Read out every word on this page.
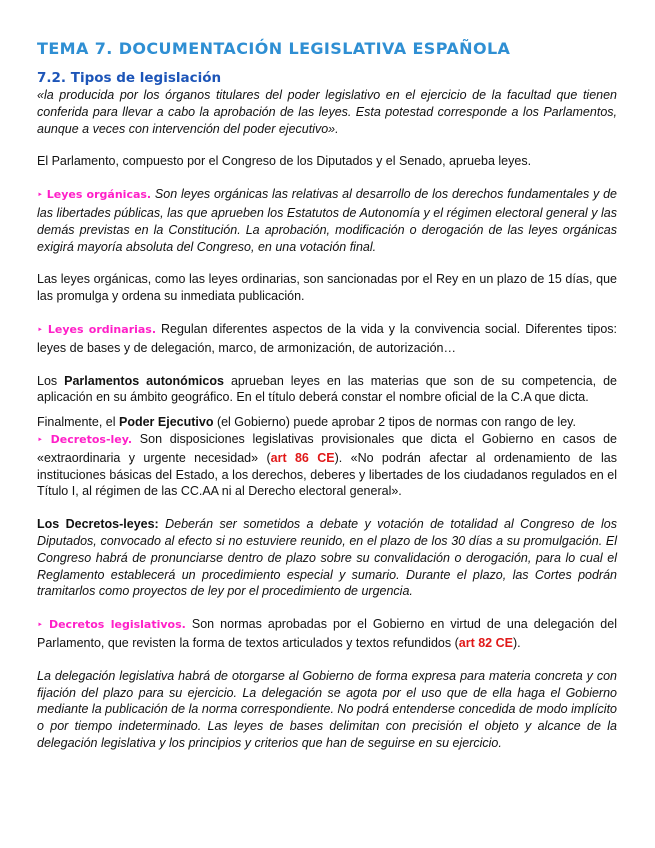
TEMA 7. DOCUMENTACIÓN LEGISLATIVA ESPAÑOLA
7.2. Tipos de legislación

«la producida por los órganos titulares del poder legislativo en el ejercicio de la facultad que tienen conferida para llevar a cabo la aprobación de las leyes. Esta potestad corresponde a los Parlamentos, aunque a veces con intervención del poder ejecutivo».

El Parlamento, compuesto por el Congreso de los Diputados y el Senado, aprueba leyes.

‣ Leyes orgánicas. Son leyes orgánicas las relativas al desarrollo de los derechos fundamentales y de las libertades públicas, las que aprueben los Estatutos de Autonomía y el régimen electoral general y las demás previstas en la Constitución. La aprobación, modificación o derogación de las leyes orgánicas exigirá mayoría absoluta del Congreso, en una votación final.

Las leyes orgánicas, como las leyes ordinarias, son sancionadas por el Rey en un plazo de 15 días, que las promulga y ordena su inmediata publicación.

‣ Leyes ordinarias. Regulan diferentes aspectos de la vida y la convivencia social. Diferentes tipos: leyes de bases y de delegación, marco, de armonización, de autorización…

Los Parlamentos autonómicos aprueban leyes en las materias que son de su competencia, de aplicación en su ámbito geográfico. En el título deberá constar el nombre oficial de la C.A que dicta.

Finalmente, el Poder Ejecutivo (el Gobierno) puede aprobar 2 tipos de normas con rango de ley.

‣ Decretos-ley. Son disposiciones legislativas provisionales que dicta el Gobierno en casos de «extraordinaria y urgente necesidad» (art 86 CE). «No podrán afectar al ordenamiento de las instituciones básicas del Estado, a los derechos, deberes y libertades de los ciudadanos regulados en el Título I, al régimen de las CC.AA ni al Derecho electoral general».

Los Decretos-leyes: Deberán ser sometidos a debate y votación de totalidad al Congreso de los Diputados, convocado al efecto si no estuviere reunido, en el plazo de los 30 días a su promulgación. El Congreso habrá de pronunciarse dentro de plazo sobre su convalidación o derogación, para lo cual el Reglamento establecerá un procedimiento especial y sumario. Durante el plazo, las Cortes podrán tramitarlos como proyectos de ley por el procedimiento de urgencia.

‣ Decretos legislativos. Son normas aprobadas por el Gobierno en virtud de una delegación del Parlamento, que revisten la forma de textos articulados y textos refundidos (art 82 CE).

La delegación legislativa habrá de otorgarse al Gobierno de forma expresa para materia concreta y con fijación del plazo para su ejercicio. La delegación se agota por el uso que de ella haga el Gobierno mediante la publicación de la norma correspondiente. No podrá entenderse concedida de modo implícito o por tiempo indeterminado. Las leyes de bases delimitan con precisión el objeto y alcance de la delegación legislativa y los principios y criterios que han de seguirse en su ejercicio.
